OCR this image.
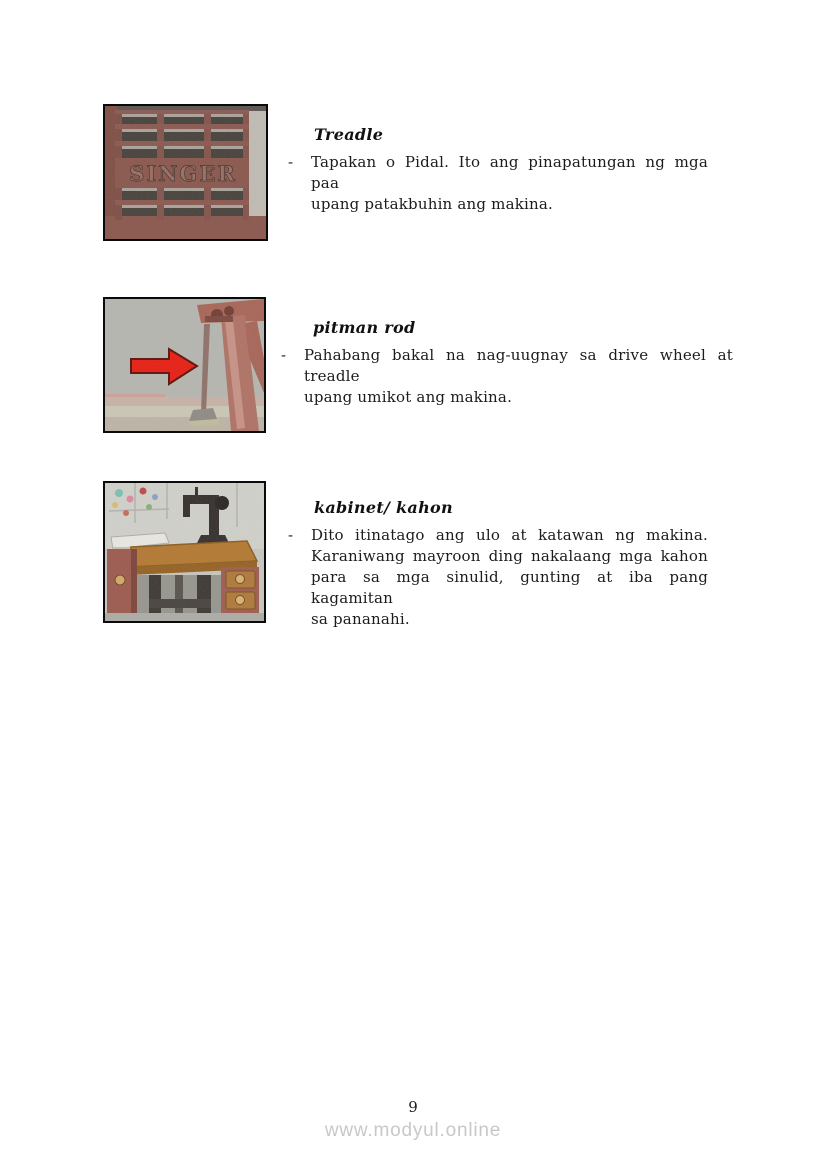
SINGER
Treadle
-	Tapakan o Pidal. Ito ang pinapatungan ng mga paa
upang patakbuhin ang makina.

pitman rod
-	Pahabang bakal na nag-uugnay sa drive wheel at treadle
upang umikot ang makina.

kabinet/ kahon
-	Dito itinatago ang ulo at katawan ng makina.
Karaniwang mayroon ding nakalaang mga kahon
para sa mga sinulid, gunting at iba pang kagamitan
sa pananahi.

9
www.modyul.online
